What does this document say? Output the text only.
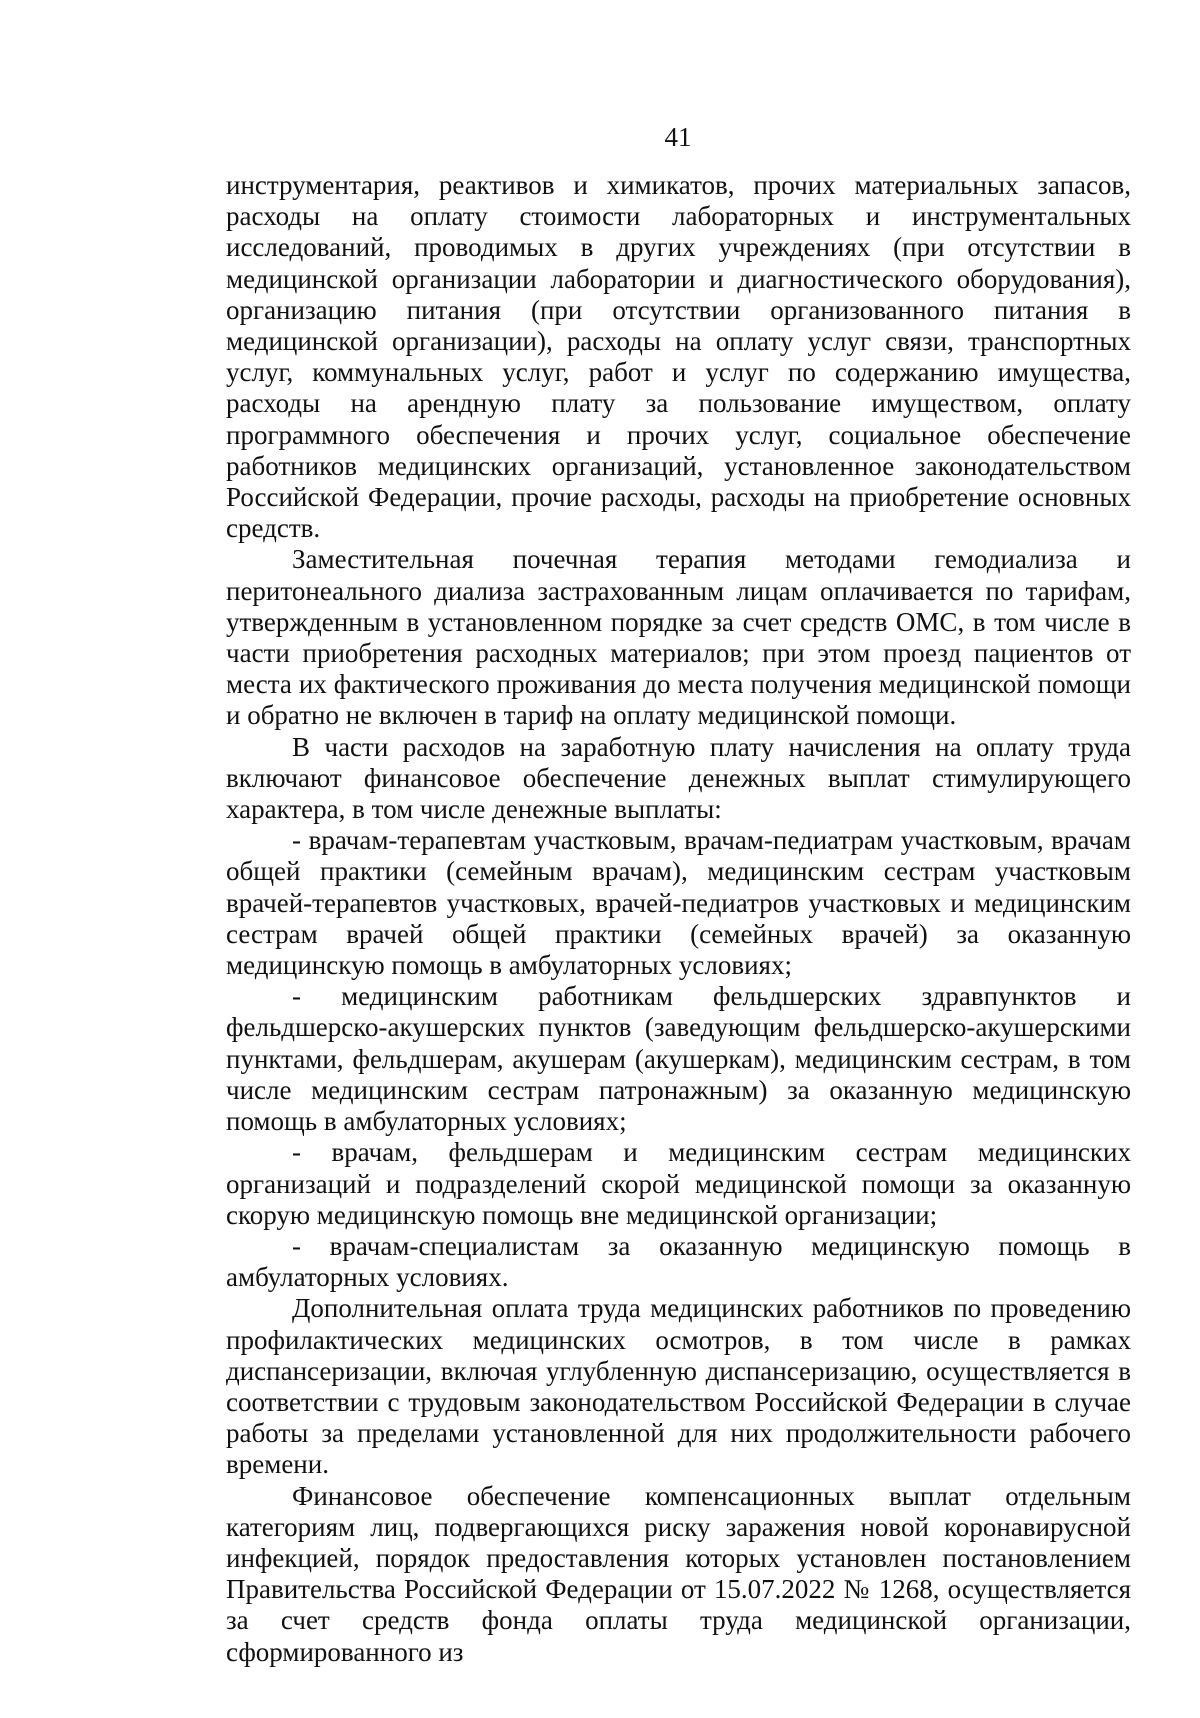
41

инструментария, реактивов и химикатов, прочих материальных запасов, расходы на оплату стоимости лабораторных и инструментальных исследований, проводимых в других учреждениях (при отсутствии в медицинской организации лаборатории и диагностического оборудования), организацию питания (при отсутствии организованного питания в медицинской организации), расходы на оплату услуг связи, транспортных услуг, коммунальных услуг, работ и услуг по содержанию имущества, расходы на арендную плату за пользование имуществом, оплату программного обеспечения и прочих услуг, социальное обеспечение работников медицинских организаций, установленное законодательством Российской Федерации, прочие расходы, расходы на приобретение основных средств.

Заместительная почечная терапия методами гемодиализа и перитонеального диализа застрахованным лицам оплачивается по тарифам, утвержденным в установленном порядке за счет средств ОМС, в том числе в части приобретения расходных материалов; при этом проезд пациентов от места их фактического проживания до места получения медицинской помощи и обратно не включен в тариф на оплату медицинской помощи.

В части расходов на заработную плату начисления на оплату труда включают финансовое обеспечение денежных выплат стимулирующего характера, в том числе денежные выплаты:

- врачам-терапевтам участковым, врачам-педиатрам участковым, врачам общей практики (семейным врачам), медицинским сестрам участковым врачей-терапевтов участковых, врачей-педиатров участковых и медицинским сестрам врачей общей практики (семейных врачей) за оказанную медицинскую помощь в амбулаторных условиях;

- медицинским работникам фельдшерских здравпунктов и фельдшерско-акушерских пунктов (заведующим фельдшерско-акушерскими пунктами, фельдшерам, акушерам (акушеркам), медицинским сестрам, в том числе медицинским сестрам патронажным) за оказанную медицинскую помощь в амбулаторных условиях;

- врачам, фельдшерам и медицинским сестрам медицинских организаций и подразделений скорой медицинской помощи за оказанную скорую медицинскую помощь вне медицинской организации;

- врачам-специалистам за оказанную медицинскую помощь в амбулаторных условиях.

Дополнительная оплата труда медицинских работников по проведению профилактических медицинских осмотров, в том числе в рамках диспансеризации, включая углубленную диспансеризацию, осуществляется в соответствии с трудовым законодательством Российской Федерации в случае работы за пределами установленной для них продолжительности рабочего времени.

Финансовое обеспечение компенсационных выплат отдельным категориям лиц, подвергающихся риску заражения новой коронавирусной инфекцией, порядок предоставления которых установлен постановлением Правительства Российской Федерации от 15.07.2022 № 1268, осуществляется за счет средств фонда оплаты труда медицинской организации, сформированного из
